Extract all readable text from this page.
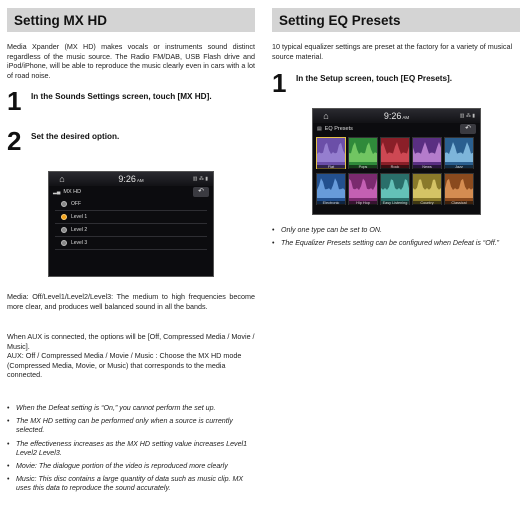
Setting MX HD

Media Xpander (MX HD) makes vocals or instruments sound distinct regardless of the music source. The Radio FM/DAB, USB Flash drive and iPod/iPhone, will be able to reproduce the music clearly even in cars with a lot of road noise.

1	In the Sounds Settings screen, touch [MX HD].
2	Set the desired option.

Media: Off/Level1/Level2/Level3: The medium to high frequencies become more clear, and produces well balanced sound in all the bands.

When AUX is connected, the options will be [Off, Compressed Media / Movie / Music].

AUX: Off / Compressed Media / Movie / Music : Choose the MX HD mode (Compressed Media, Movie, or Music) that corresponds to the media connected.

• When the Defeat setting is “On,” you cannot perform the set up.
• The MX HD setting can be performed only when a source is currently selected.
• The effectiveness increases as the MX HD setting value increases Level1 Level2 Level3.
• Movie: The dialogue portion of the video is reproduced more clearly
• Music: This disc contains a large quantity of data such as music clip. MX uses this data to reproduce the sound accurately.
⌂	9:26AM	▥ ⁂ ▮
▂▄ MX HD	↶
OFF
Level 1
Level 2
Level 3
Setting EQ Presets

10 typical equalizer settings are preset at the factory for a variety of musical source material.

1	In the Setup screen, touch [EQ Presets].
⌂	9:26AM	▥ ⁂ ▮
▤ EQ Presets	↶
Flat	Pops	Rock	News	Jazz
Electronic	Hip Hop	Easy Listening	Country	Classical
• Only one type can be set to ON.
• The Equalizer Presets setting can be configured when Defeat is “Off.”
